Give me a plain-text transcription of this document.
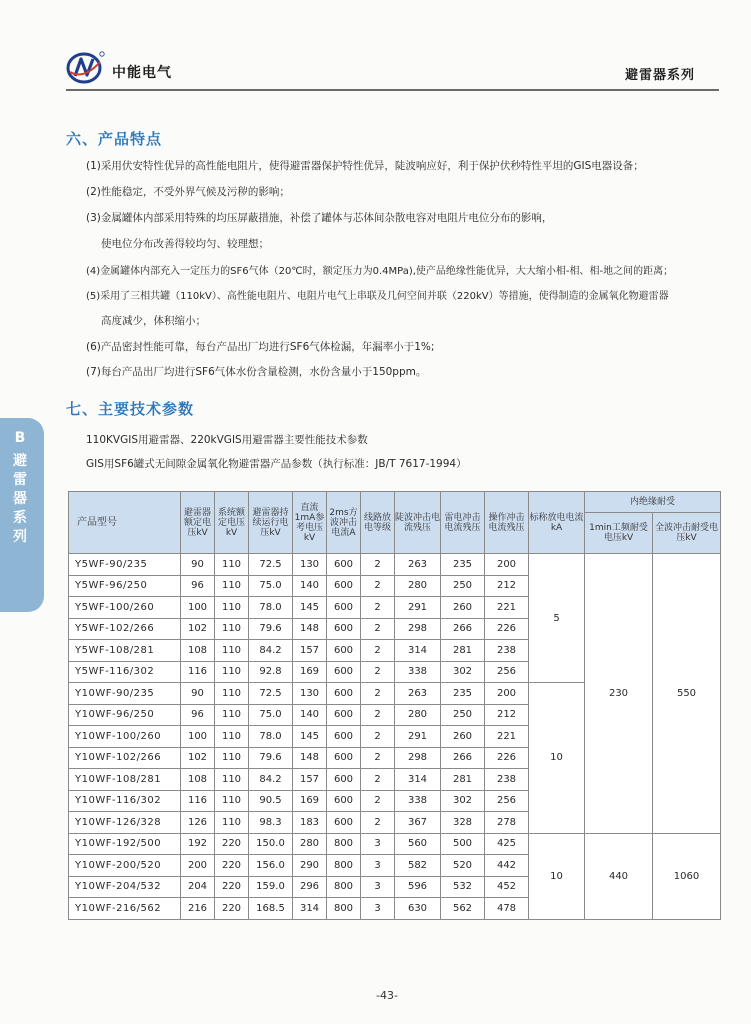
中能电气	避雷器系列
B
避
雷
器
系
列
六、产品特点
(1)采用伏安特性优异的高性能电阻片，使得避雷器保护特性优异，陡波响应好，利于保护伏秒特性平坦的GIS电器设备；
(2)性能稳定，不受外界气候及污秽的影响；
(3)金属罐体内部采用特殊的均压屏蔽措施，补偿了罐体与芯体间杂散电容对电阻片电位分布的影响，
使电位分布改善得较均匀、较理想；
(4)金属罐体内部充入一定压力的SF6气体（20℃时，额定压力为0.4MPa),使产品绝缘性能优异，大大缩小相-相、相-地之间的距离；
(5)采用了三相共罐（110kV）、高性能电阻片、电阻片电气上串联及几何空间并联（220kV）等措施，使得制造的金属氧化物避雷器
高度减少，体积缩小；
(6)产品密封性能可靠，每台产品出厂均进行SF6气体检漏，年漏率小于1%;
(7)每台产品出厂均进行SF6气体水份含量检测，水份含量小于150ppm。
七、主要技术参数
110KVGIS用避雷器、220kVGIS用避雷器主要性能技术参数
GIS用SF6罐式无间隙金属氧化物避雷器产品参数（执行标准：JB/T 7617-1994）
产品型号	避雷器额定电压kV	系统额定电压kV	避雷器持续运行电压kV	直流1mA参考电压kV	2ms方波冲击电流A	线路放电等级	陡波冲击电流残压	雷电冲击电流残压	操作冲击电流残压	标称放电电流kA	内绝缘耐受	
											1min工频耐受电压kV	全波冲击耐受电压kV
Y5WF-90/235	90	110	72.5	130	600	2	263	235	200	5	230	550
Y5WF-96/250	96	110	75.0	140	600	2	280	250	212			
Y5WF-100/260	100	110	78.0	145	600	2	291	260	221			
Y5WF-102/266	102	110	79.6	148	600	2	298	266	226			
Y5WF-108/281	108	110	84.2	157	600	2	314	281	238			
Y5WF-116/302	116	110	92.8	169	600	2	338	302	256			
Y10WF-90/235	90	110	72.5	130	600	2	263	235	200	10		
Y10WF-96/250	96	110	75.0	140	600	2	280	250	212			
Y10WF-100/260	100	110	78.0	145	600	2	291	260	221			
Y10WF-102/266	102	110	79.6	148	600	2	298	266	226			
Y10WF-108/281	108	110	84.2	157	600	2	314	281	238			
Y10WF-116/302	116	110	90.5	169	600	2	338	302	256			
Y10WF-126/328	126	110	98.3	183	600	2	367	328	278			
Y10WF-192/500	192	220	150.0	280	800	3	560	500	425	10	440	1060
Y10WF-200/520	200	220	156.0	290	800	3	582	520	442			
Y10WF-204/532	204	220	159.0	296	800	3	596	532	452			
Y10WF-216/562	216	220	168.5	314	800	3	630	562	478			
-43-
